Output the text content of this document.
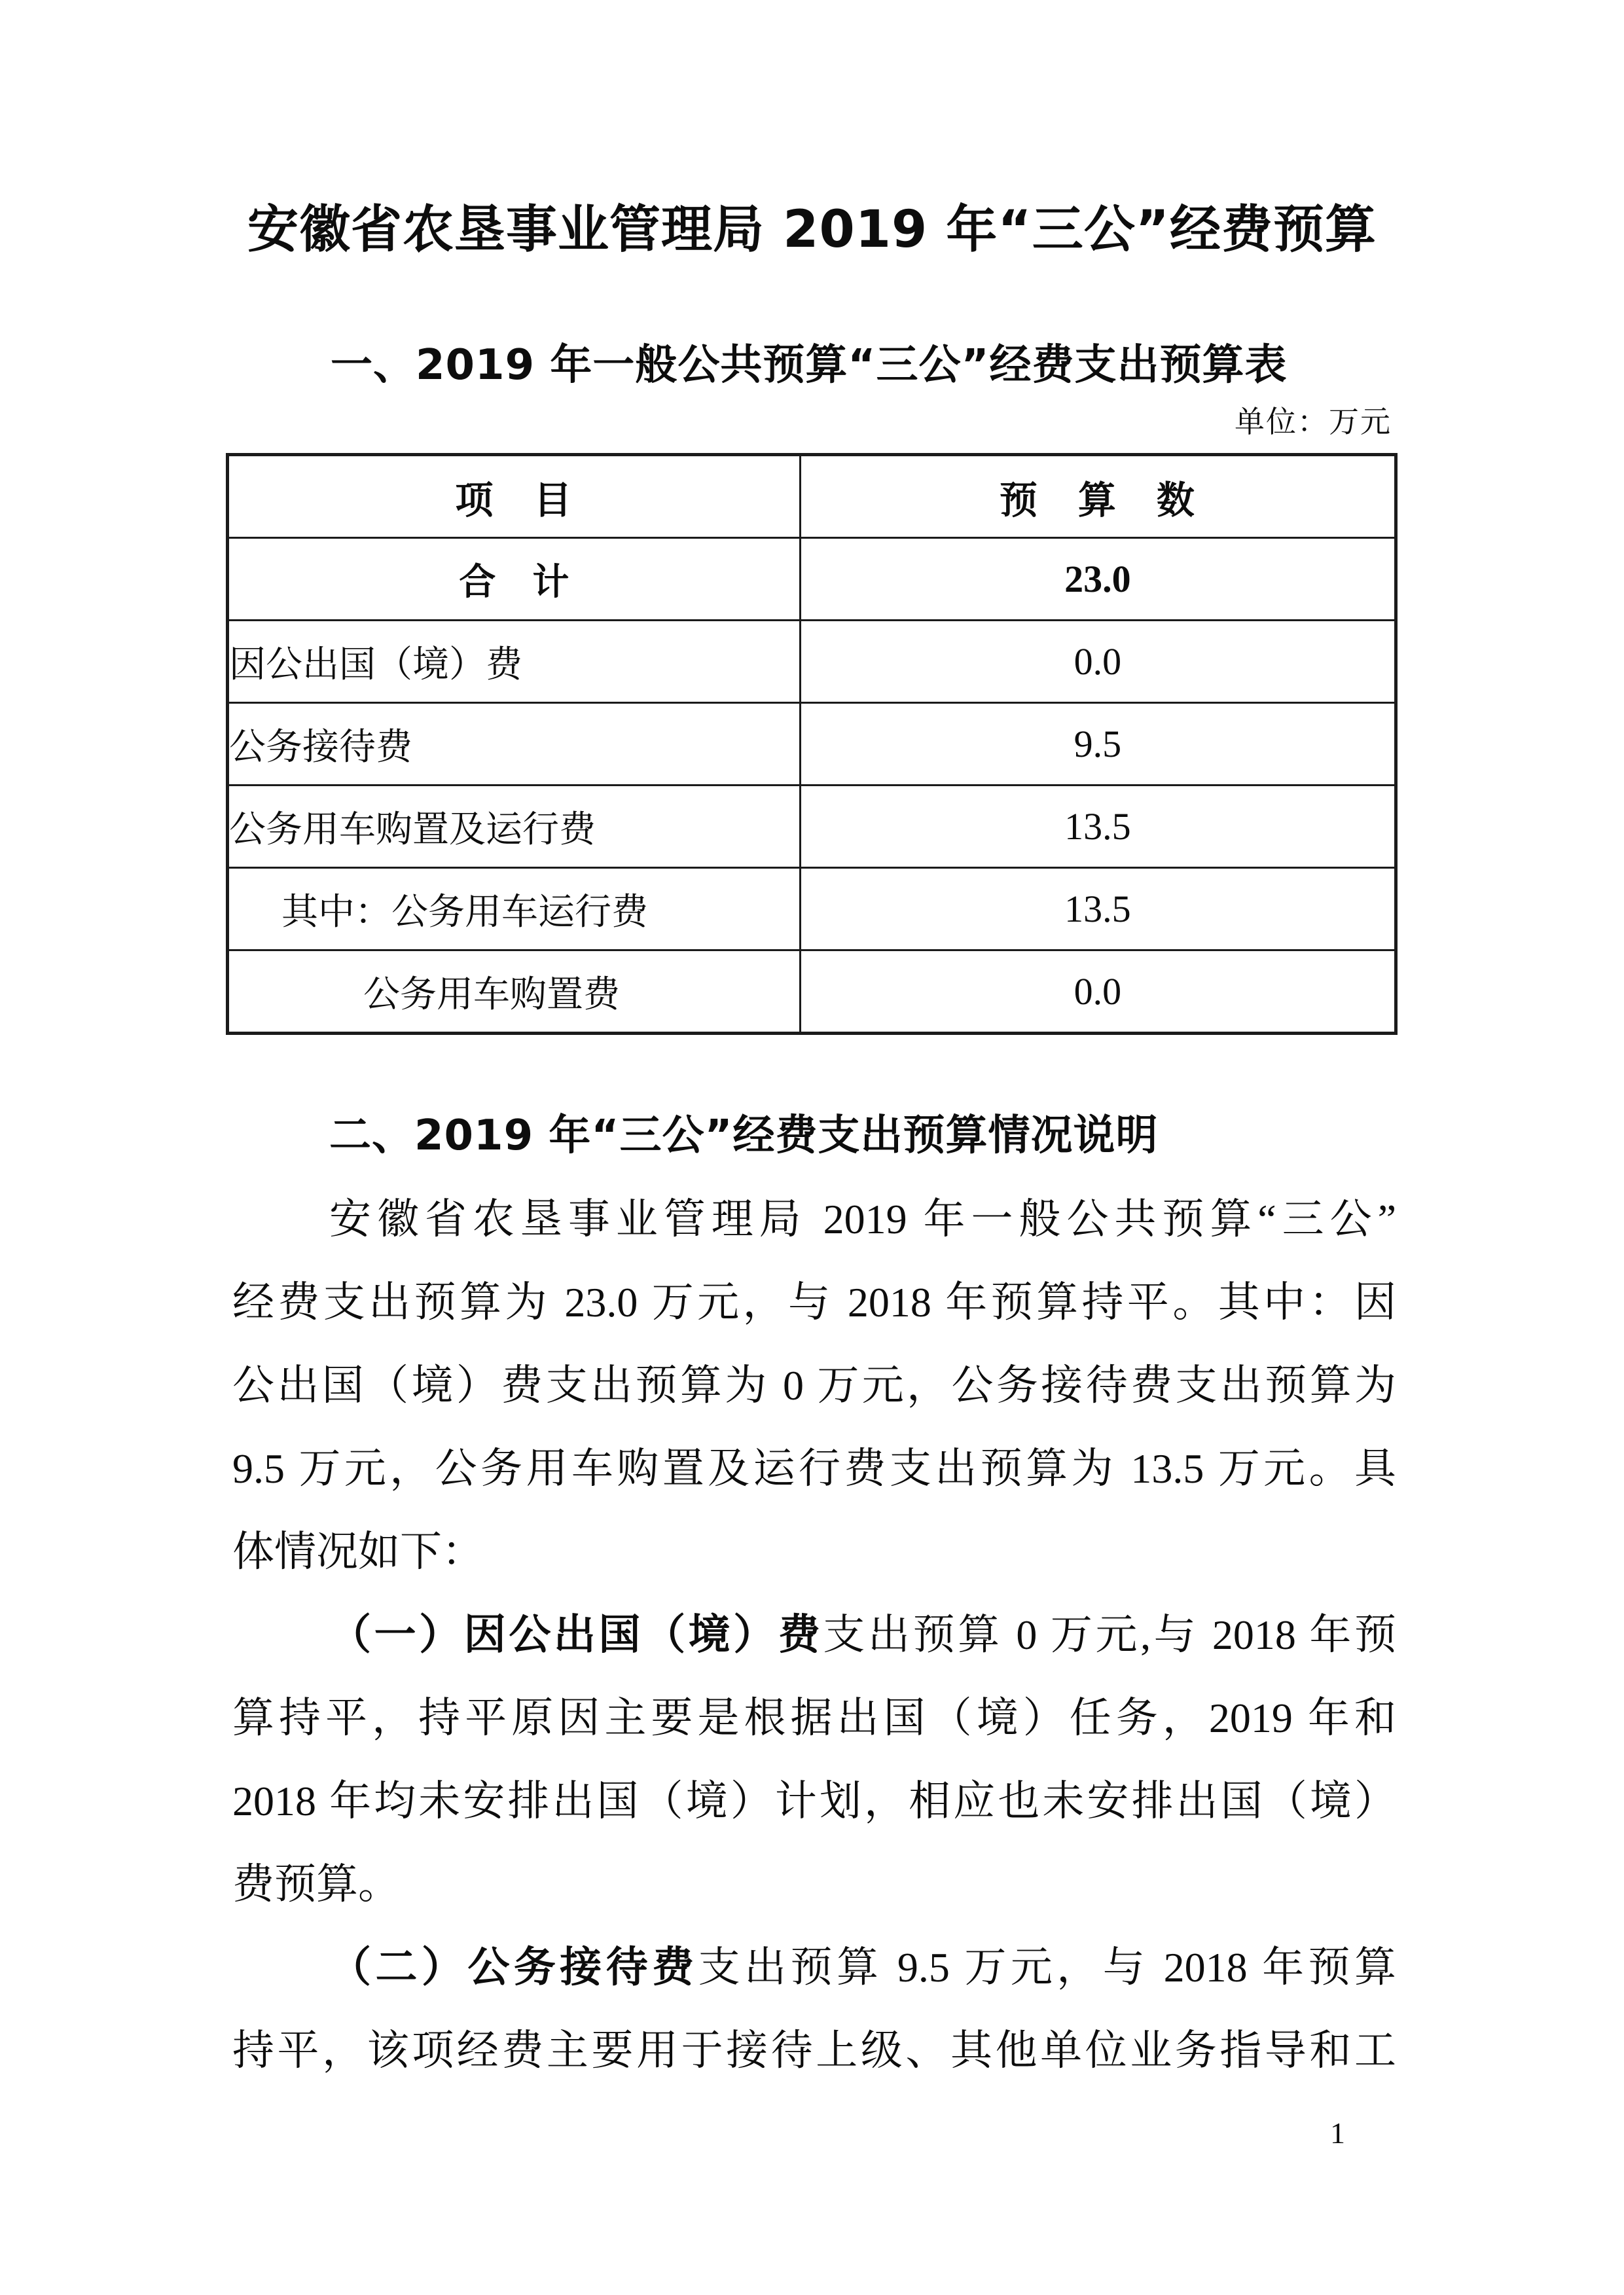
安徽省农垦事业管理局 2019 年“三公”经费预算
一、2019 年一般公共预算“三公”经费支出预算表
单位：万元
项　目	预　算　数
合　计	23.0
因公出国（境）费	0.0
公务接待费	9.5
公务用车购置及运行费	13.5
其中：公务用车运行费	13.5
公务用车购置费	0.0
二、2019 年“三公”经费支出预算情况说明
安徽省农垦事业管理局 2019 年一般公共预算“三公”
经费支出预算为 23.0 万元，与 2018 年预算持平。其中：因
公出国（境）费支出预算为 0 万元，公务接待费支出预算为
9.5 万元，公务用车购置及运行费支出预算为 13.5 万元。具
体情况如下：
（一）因公出国（境）费支出预算 0 万元,与 2018 年预
算持平，持平原因主要是根据出国（境）任务，2019 年和
2018 年均未安排出国（境）计划，相应也未安排出国（境）
费预算。
（二）公务接待费支出预算 9.5 万元，与 2018 年预算
持平，该项经费主要用于接待上级、其他单位业务指导和工
1
